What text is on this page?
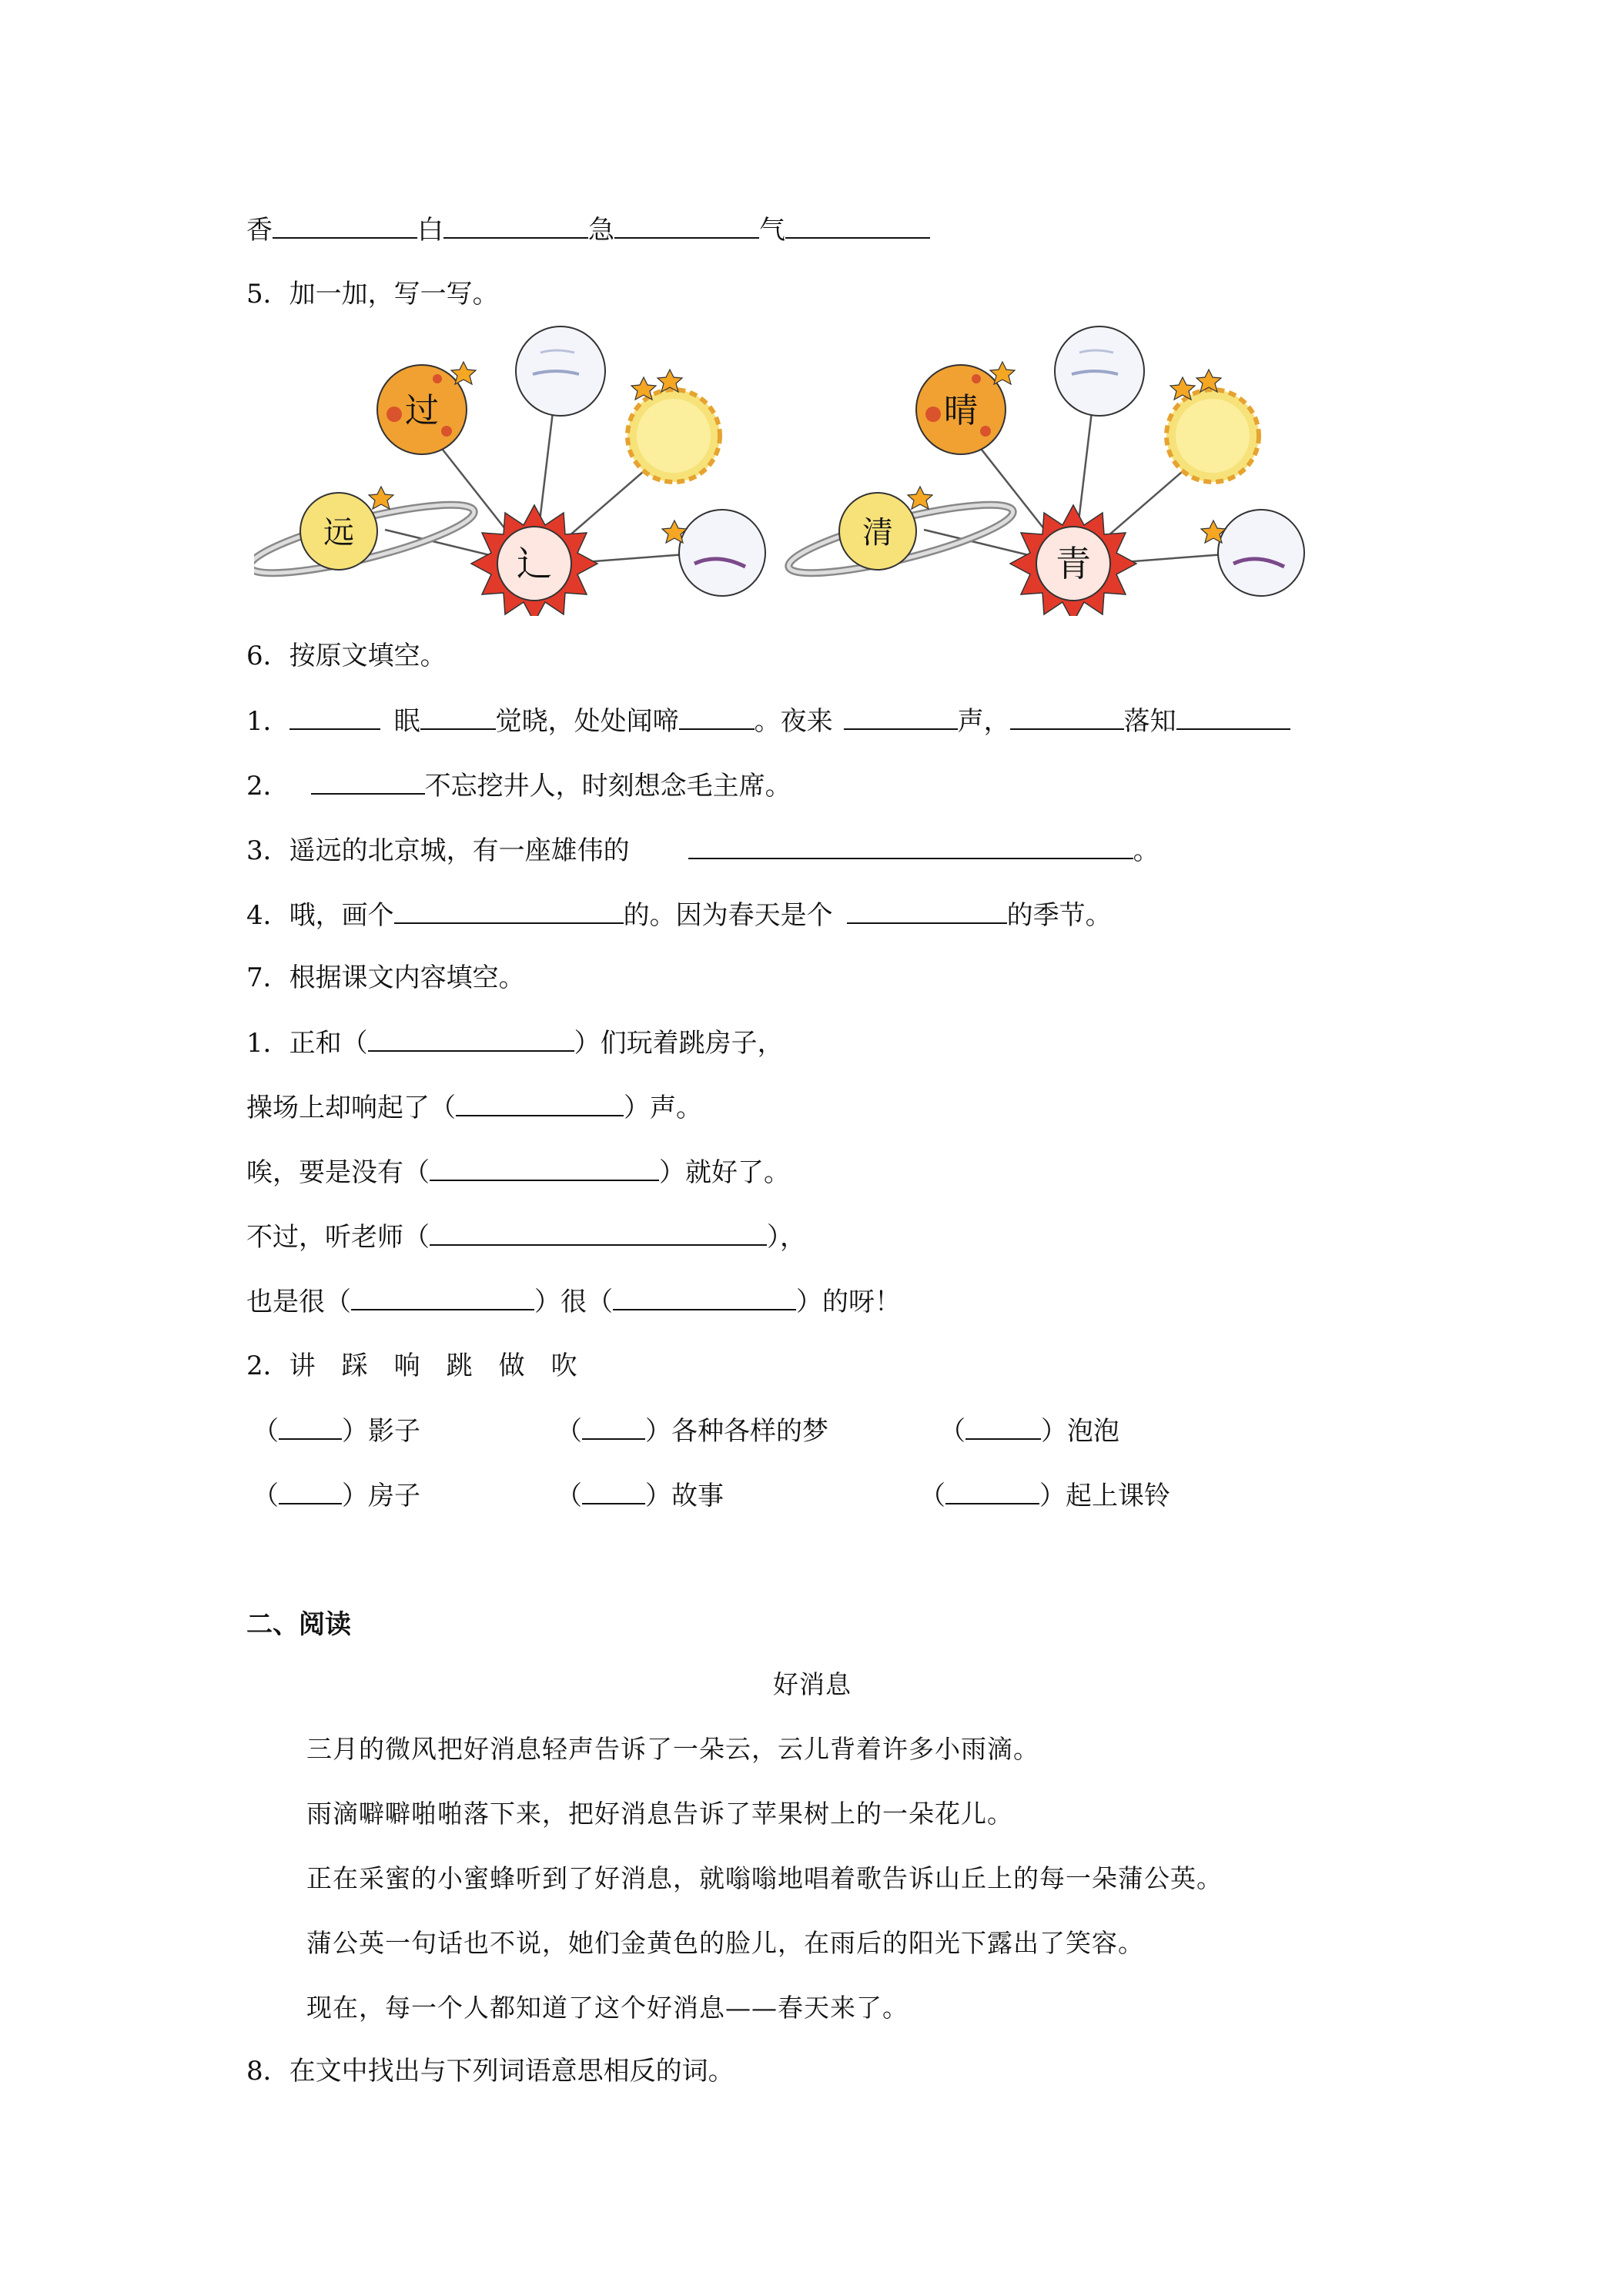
香	白	急	气
5．加一加，写一写。
过
远
辶
晴
清
青
6．按原文填空。
1．	眠	觉晓，处处闻啼	。夜来	声，	落知
2．	不忘挖井人，时刻想念毛主席。
3．遥远的北京城，有一座雄伟的	。
4．哦，画个	的。因为春天是个	的季节。
7．根据课文内容填空。
1．正和（	）们玩着跳房子，
操场上却响起了（	）声。
唉，要是没有（	）就好了。
不过，听老师（	），
也是很（	）很（	）的呀！
2．讲　踩　响　跳　做　吹
（ ）影子	（ ）各种各样的梦	（	）泡泡
（ ）房子	（ ）故事	（	）起上课铃
二、阅读
好消息
三月的微风把好消息轻声告诉了一朵云，云儿背着许多小雨滴。
雨滴噼噼啪啪落下来，把好消息告诉了苹果树上的一朵花儿。
正在采蜜的小蜜蜂听到了好消息，就嗡嗡地唱着歌告诉山丘上的每一朵蒲公英。
蒲公英一句话也不说，她们金黄色的脸儿，在雨后的阳光下露出了笑容。
现在，每一个人都知道了这个好消息——春天来了。
8．在文中找出与下列词语意思相反的词。
